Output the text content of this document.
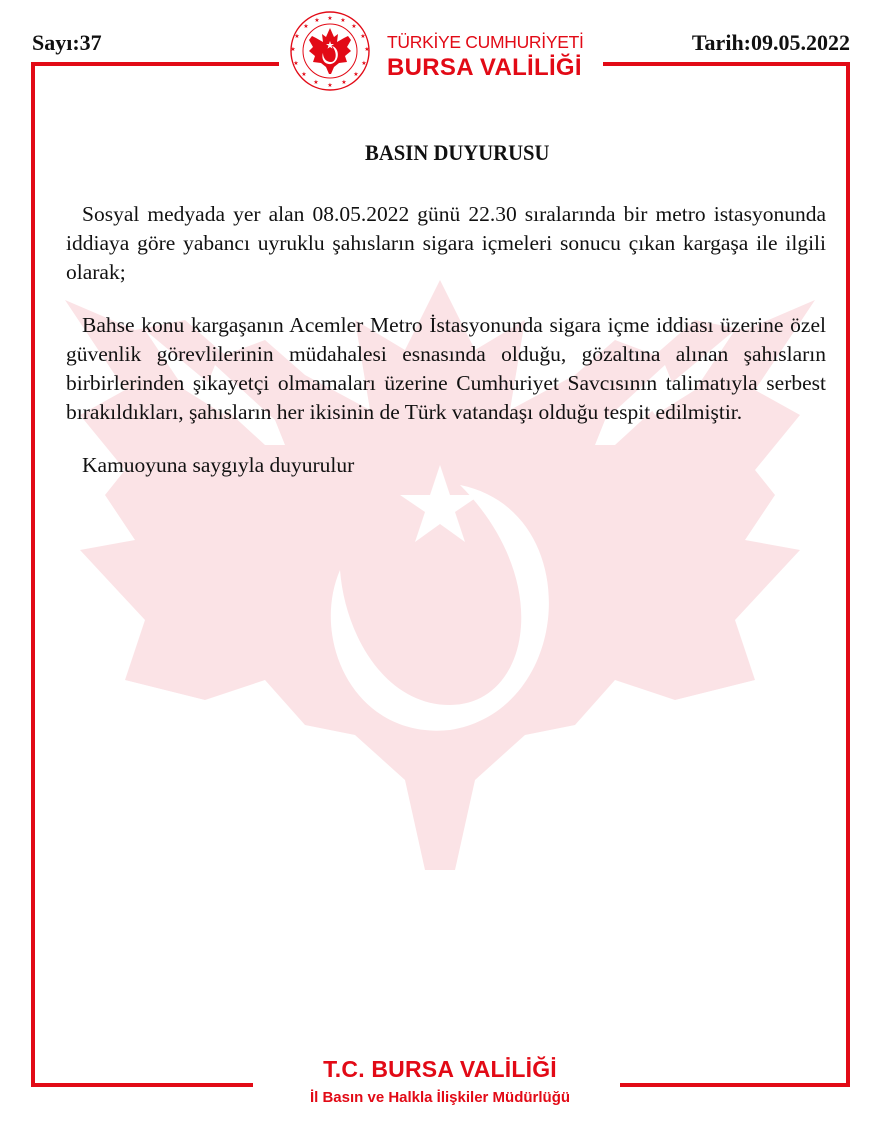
Sayı:37	Tarih:09.05.2022
★ ★
★
★
★
★
★
★
★
★
★
★
★
★
★
★
TÜRKİYE CUMHURİYETİ
BURSA VALİLİĞİ
BASIN DUYURUSU

Sosyal medyada yer alan 08.05.2022 günü 22.30 sıralarında bir metro istasyonunda iddiaya göre yabancı uyruklu şahısların sigara içmeleri sonucu çıkan kargaşa ile ilgili olarak;

Bahse konu kargaşanın Acemler Metro İstasyonunda sigara içme iddiası üzerine özel güvenlik görevlilerinin müdahalesi esnasında olduğu, gözaltına alınan şahısların birbirlerinden şikayetçi olmamaları üzerine Cumhuriyet Savcısının talimatıyla serbest bırakıldıkları, şahısların her ikisinin de Türk vatandaşı olduğu tespit edilmiştir.

Kamuoyuna saygıyla duyurulur

T.C. BURSA VALİLİĞİ
İl Basın ve Halkla İlişkiler Müdürlüğü
